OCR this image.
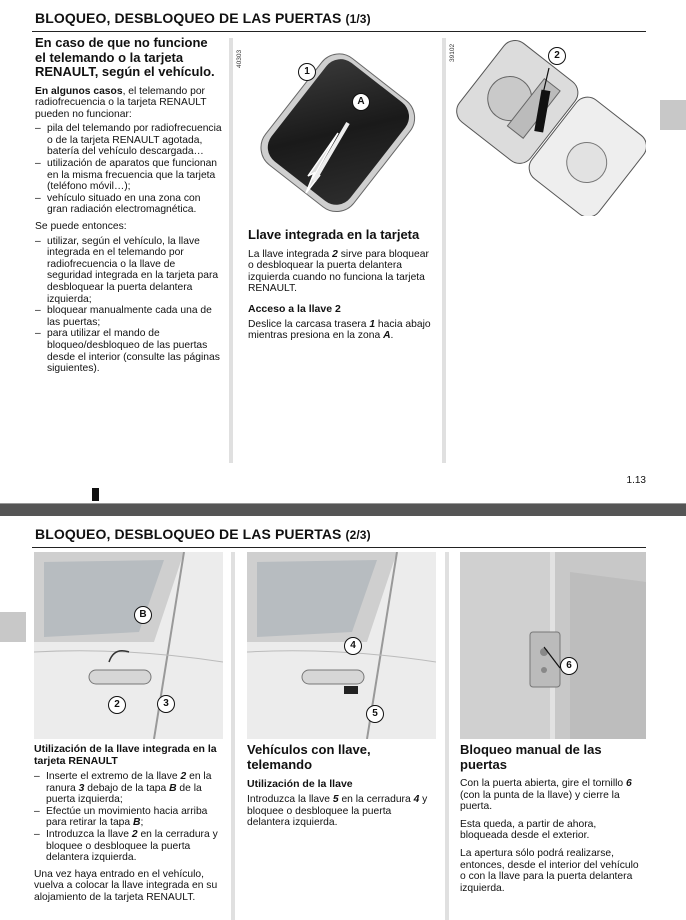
BLOQUEO, DESBLOQUEO DE LAS PUERTAS (1/3)
En caso de que no funcione el telemando o la tarjeta RENAULT, según el vehículo.

En algunos casos, el telemando por radiofrecuencia o la tarjeta RENAULT pueden no funcionar:

– pila del telemando por radiofrecuencia o de la tarjeta RENAULT agotada, batería del vehículo descargada…
– utilización de aparatos que funcionan en la misma frecuencia que la tarjeta (teléfono móvil…);
– vehículo situado en una zona con gran radiación electromagnética.

Se puede entonces:

– utilizar, según el vehículo, la llave integrada en el telemando por radiofrecuencia o la llave de seguridad integrada en la tarjeta para desbloquear la puerta delantera izquierda;
– bloquear manualmente cada una de las puertas;
– para utilizar el mando de bloqueo/desbloqueo de las puertas desde el interior (consulte las páginas siguientes).
40303
1
A
Llave integrada en la tarjeta

La llave integrada 2 sirve para bloquear o desbloquear la puerta delantera izquierda cuando no funciona la tarjeta RENAULT.

Acceso a la llave 2

Deslice la carcasa trasera 1 hacia abajo mientras presiona en la zona A.

39102	2
1.13
BLOQUEO, DESBLOQUEO DE LAS PUERTAS (2/3)
B
2	3
4
5
6
Utilización de la llave integrada en la tarjeta RENAULT
– Inserte el extremo de la llave 2 en la ranura 3 debajo de la tapa B de la puerta izquierda;
– Efectúe un movimiento hacia arriba para retirar la tapa B;
– Introduzca la llave 2 en la cerradura y bloquee o desbloquee la puerta delantera izquierda.

Una vez haya entrado en el vehículo, vuelva a colocar la llave integrada en su alojamiento de la tarjeta RENAULT.

Vehículos con llave, telemando
Utilización de la llave

Introduzca la llave 5 en la cerradura 4 y bloquee o desbloquee la puerta delantera izquierda.

Bloqueo manual de las puertas

Con la puerta abierta, gire el tornillo 6 (con la punta de la llave) y cierre la puerta.

Esta queda, a partir de ahora, bloqueada desde el exterior.

La apertura sólo podrá realizarse, entonces, desde el interior del vehículo o con la llave para la puerta delantera izquierda.
